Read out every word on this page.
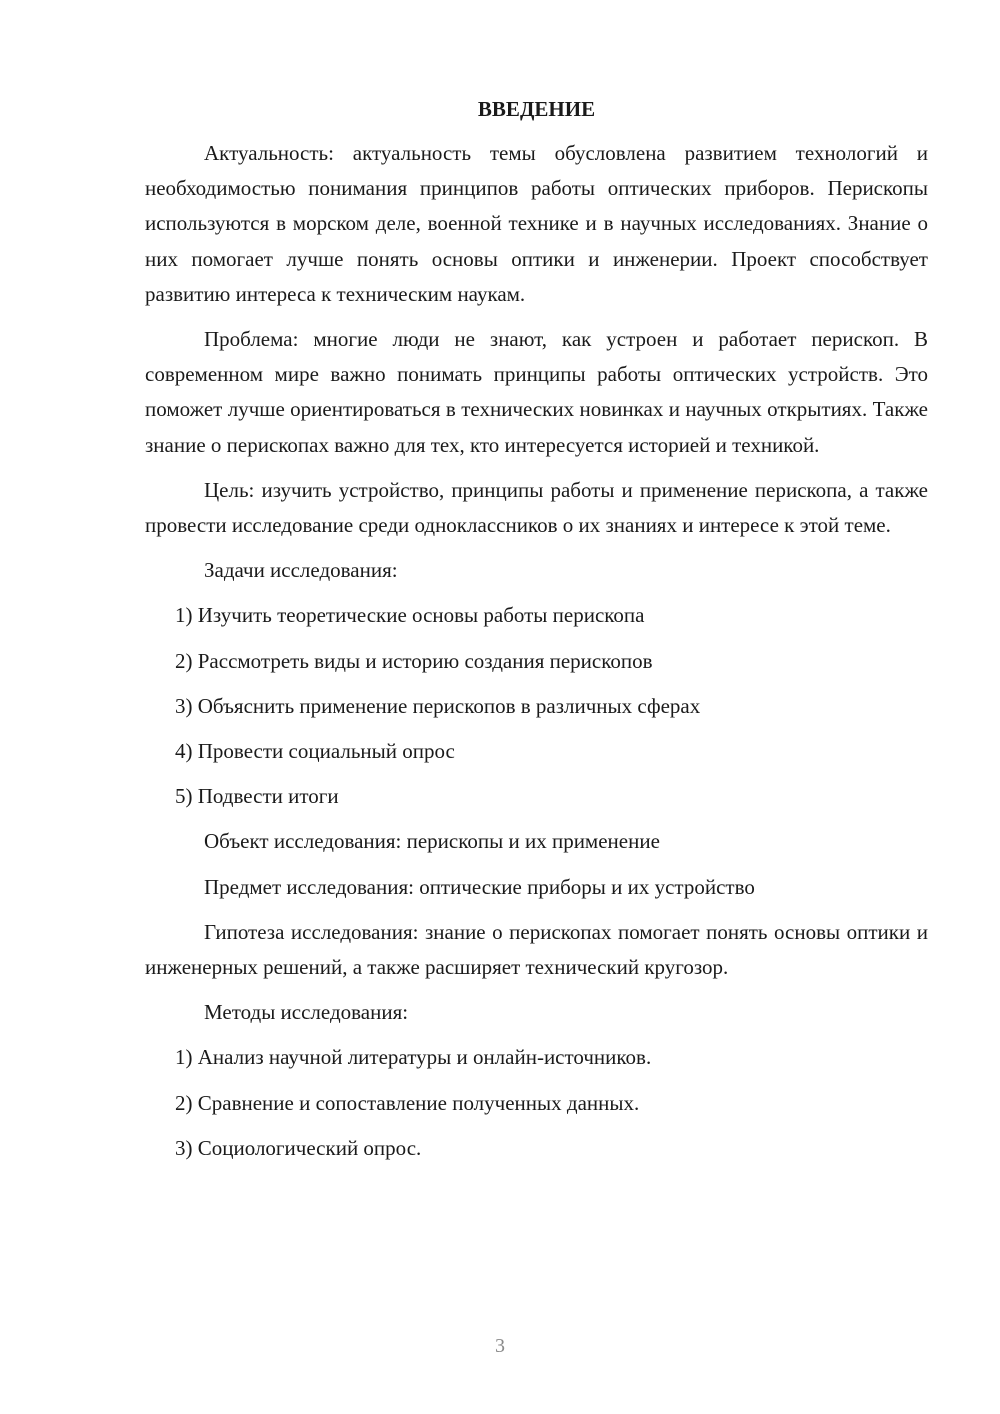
ВВЕДЕНИЕ

Актуальность: актуальность темы обусловлена развитием технологий и необходимостью понимания принципов работы оптических приборов. Перископы используются в морском деле, военной технике и в научных исследованиях. Знание о них помогает лучше понять основы оптики и инженерии. Проект способствует развитию интереса к техническим наукам.

Проблема: многие люди не знают, как устроен и работает перископ. В современном мире важно понимать принципы работы оптических устройств. Это поможет лучше ориентироваться в технических новинках и научных открытиях. Также знание о перископах важно для тех, кто интересуется историей и техникой.

Цель: изучить устройство, принципы работы и применение перископа, а также провести исследование среди одноклассников о их знаниях и интересе к этой теме.

Задачи исследования:

1) Изучить теоретические основы работы перископа

2) Рассмотреть виды и историю создания перископов

3) Объяснить применение перископов в различных сферах

4) Провести социальный опрос

5) Подвести итоги

Объект исследования: перископы и их применение

Предмет исследования: оптические приборы и их устройство

Гипотеза исследования: знание о перископах помогает понять основы оптики и инженерных решений, а также расширяет технический кругозор.

Методы исследования:

1) Анализ научной литературы и онлайн-источников.

2) Сравнение и сопоставление полученных данных.

3) Социологический опрос.

3
